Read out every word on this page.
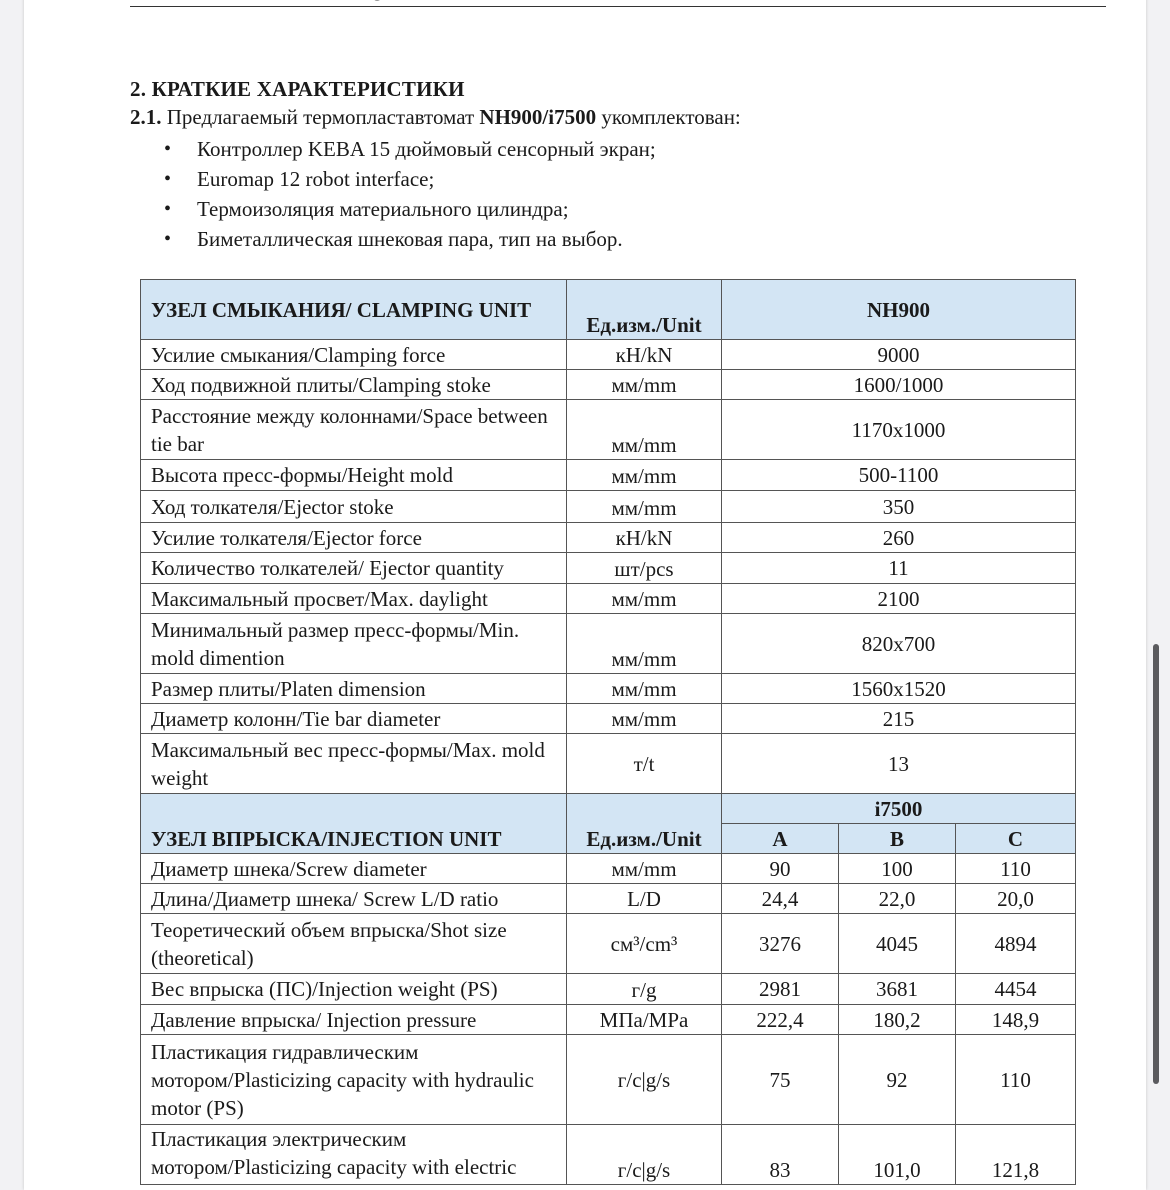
2. КРАТКИЕ ХАРАКТЕРИСТИКИ

2.1. Предлагаемый термопластавтомат NH900/i7500 укомплектован:

• Контроллер KEBA 15 дюймовый сенсорный экран;
• Euromap 12 robot interface;
• Термоизоляция материального цилиндра;
• Биметаллическая шнековая пара, тип на выбор.
УЗЕЛ СМЫКАНИЯ/ CLAMPING UNIT	Ед.изм./Unit	NH900		
Усилие смыкания/Clamping force	кН/kN	9000		
Ход подвижной плиты/Clamping stoke	мм/mm	1600/1000		
Расстояние между колоннами/Space between tie bar	мм/mm	1170x1000		
Высота пресс-формы/Height mold	мм/mm	500-1100		
Ход толкателя/Ejector stoke	мм/mm	350		
Усилие толкателя/Ejector force	кН/kN	260		
Количество толкателей/ Ejector quantity	шт/pcs	11		
Максимальный просвет/Max. daylight	мм/mm	2100		
Минимальный размер пресс-формы/Min. mold dimention	мм/mm	820x700		
Размер плиты/Platen dimension	мм/mm	1560x1520		
Диаметр колонн/Tie bar diameter	мм/mm	215		
Максимальный вес пресс-формы/Max. mold weight	т/t	13		
УЗЕЛ ВПРЫСКА/INJECTION UNIT	Ед.изм./Unit	i7500		
		A	B	C
Диаметр шнека/Screw diameter	мм/mm	90	100	110
Длина/Диаметр шнека/ Screw L/D ratio	L/D	24,4	22,0	20,0
Теоретический объем впрыска/Shot size (theoretical)	см³/cm³	3276	4045	4894
Вес впрыска (ПС)/Injection weight (PS)	г/g	2981	3681	4454
Давление впрыска/ Injection pressure	МПа/MPa	222,4	180,2	148,9
Пластикация гидравлическим мотором/Plasticizing capacity with hydraulic motor (PS)	г/с|g/s	75	92	110
Пластикация электрическим мотором/Plasticizing capacity with electric	г/с|g/s	83	101,0	121,8
